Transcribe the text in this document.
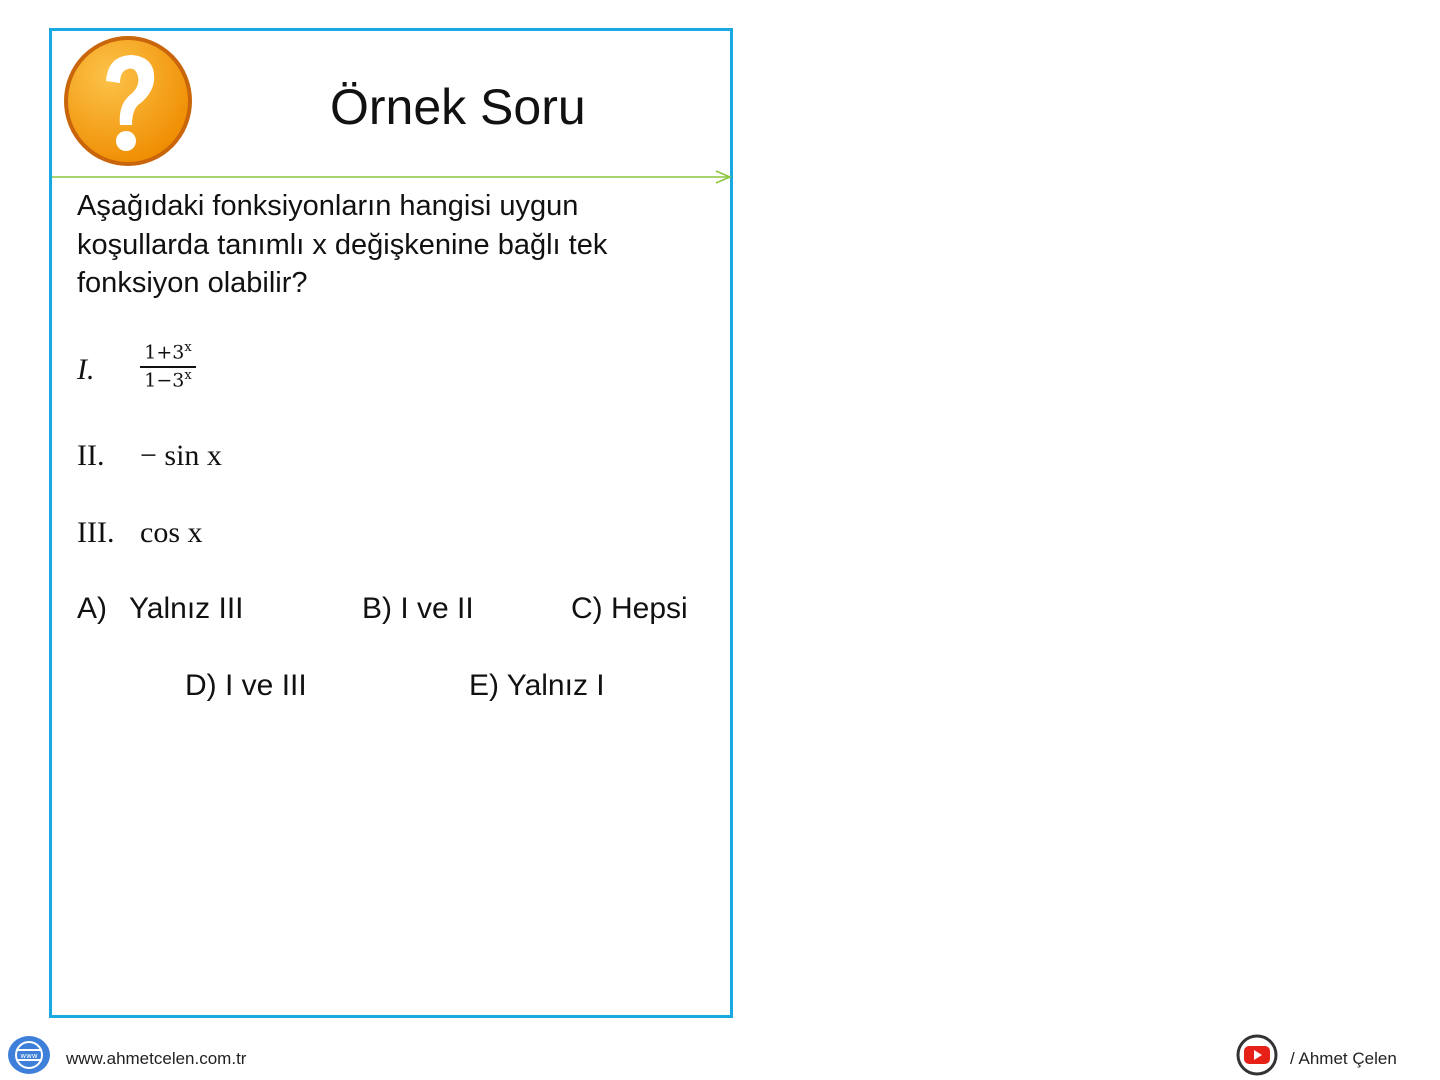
Örnek Soru
Aşağıdaki fonksiyonların hangisi uygun
koşullarda tanımlı x değişkenine bağlı tek
fonksiyon olabilir?
I. $\frac{1+3^x}{1-3^x}$
II. − sin x
III. cos x
A) Yalnız III	B) I ve II	C) Hepsi
D) I ve III	E) Yalnız I
www www.ahmetcelen.com.tr	/ Ahmet Çelen
